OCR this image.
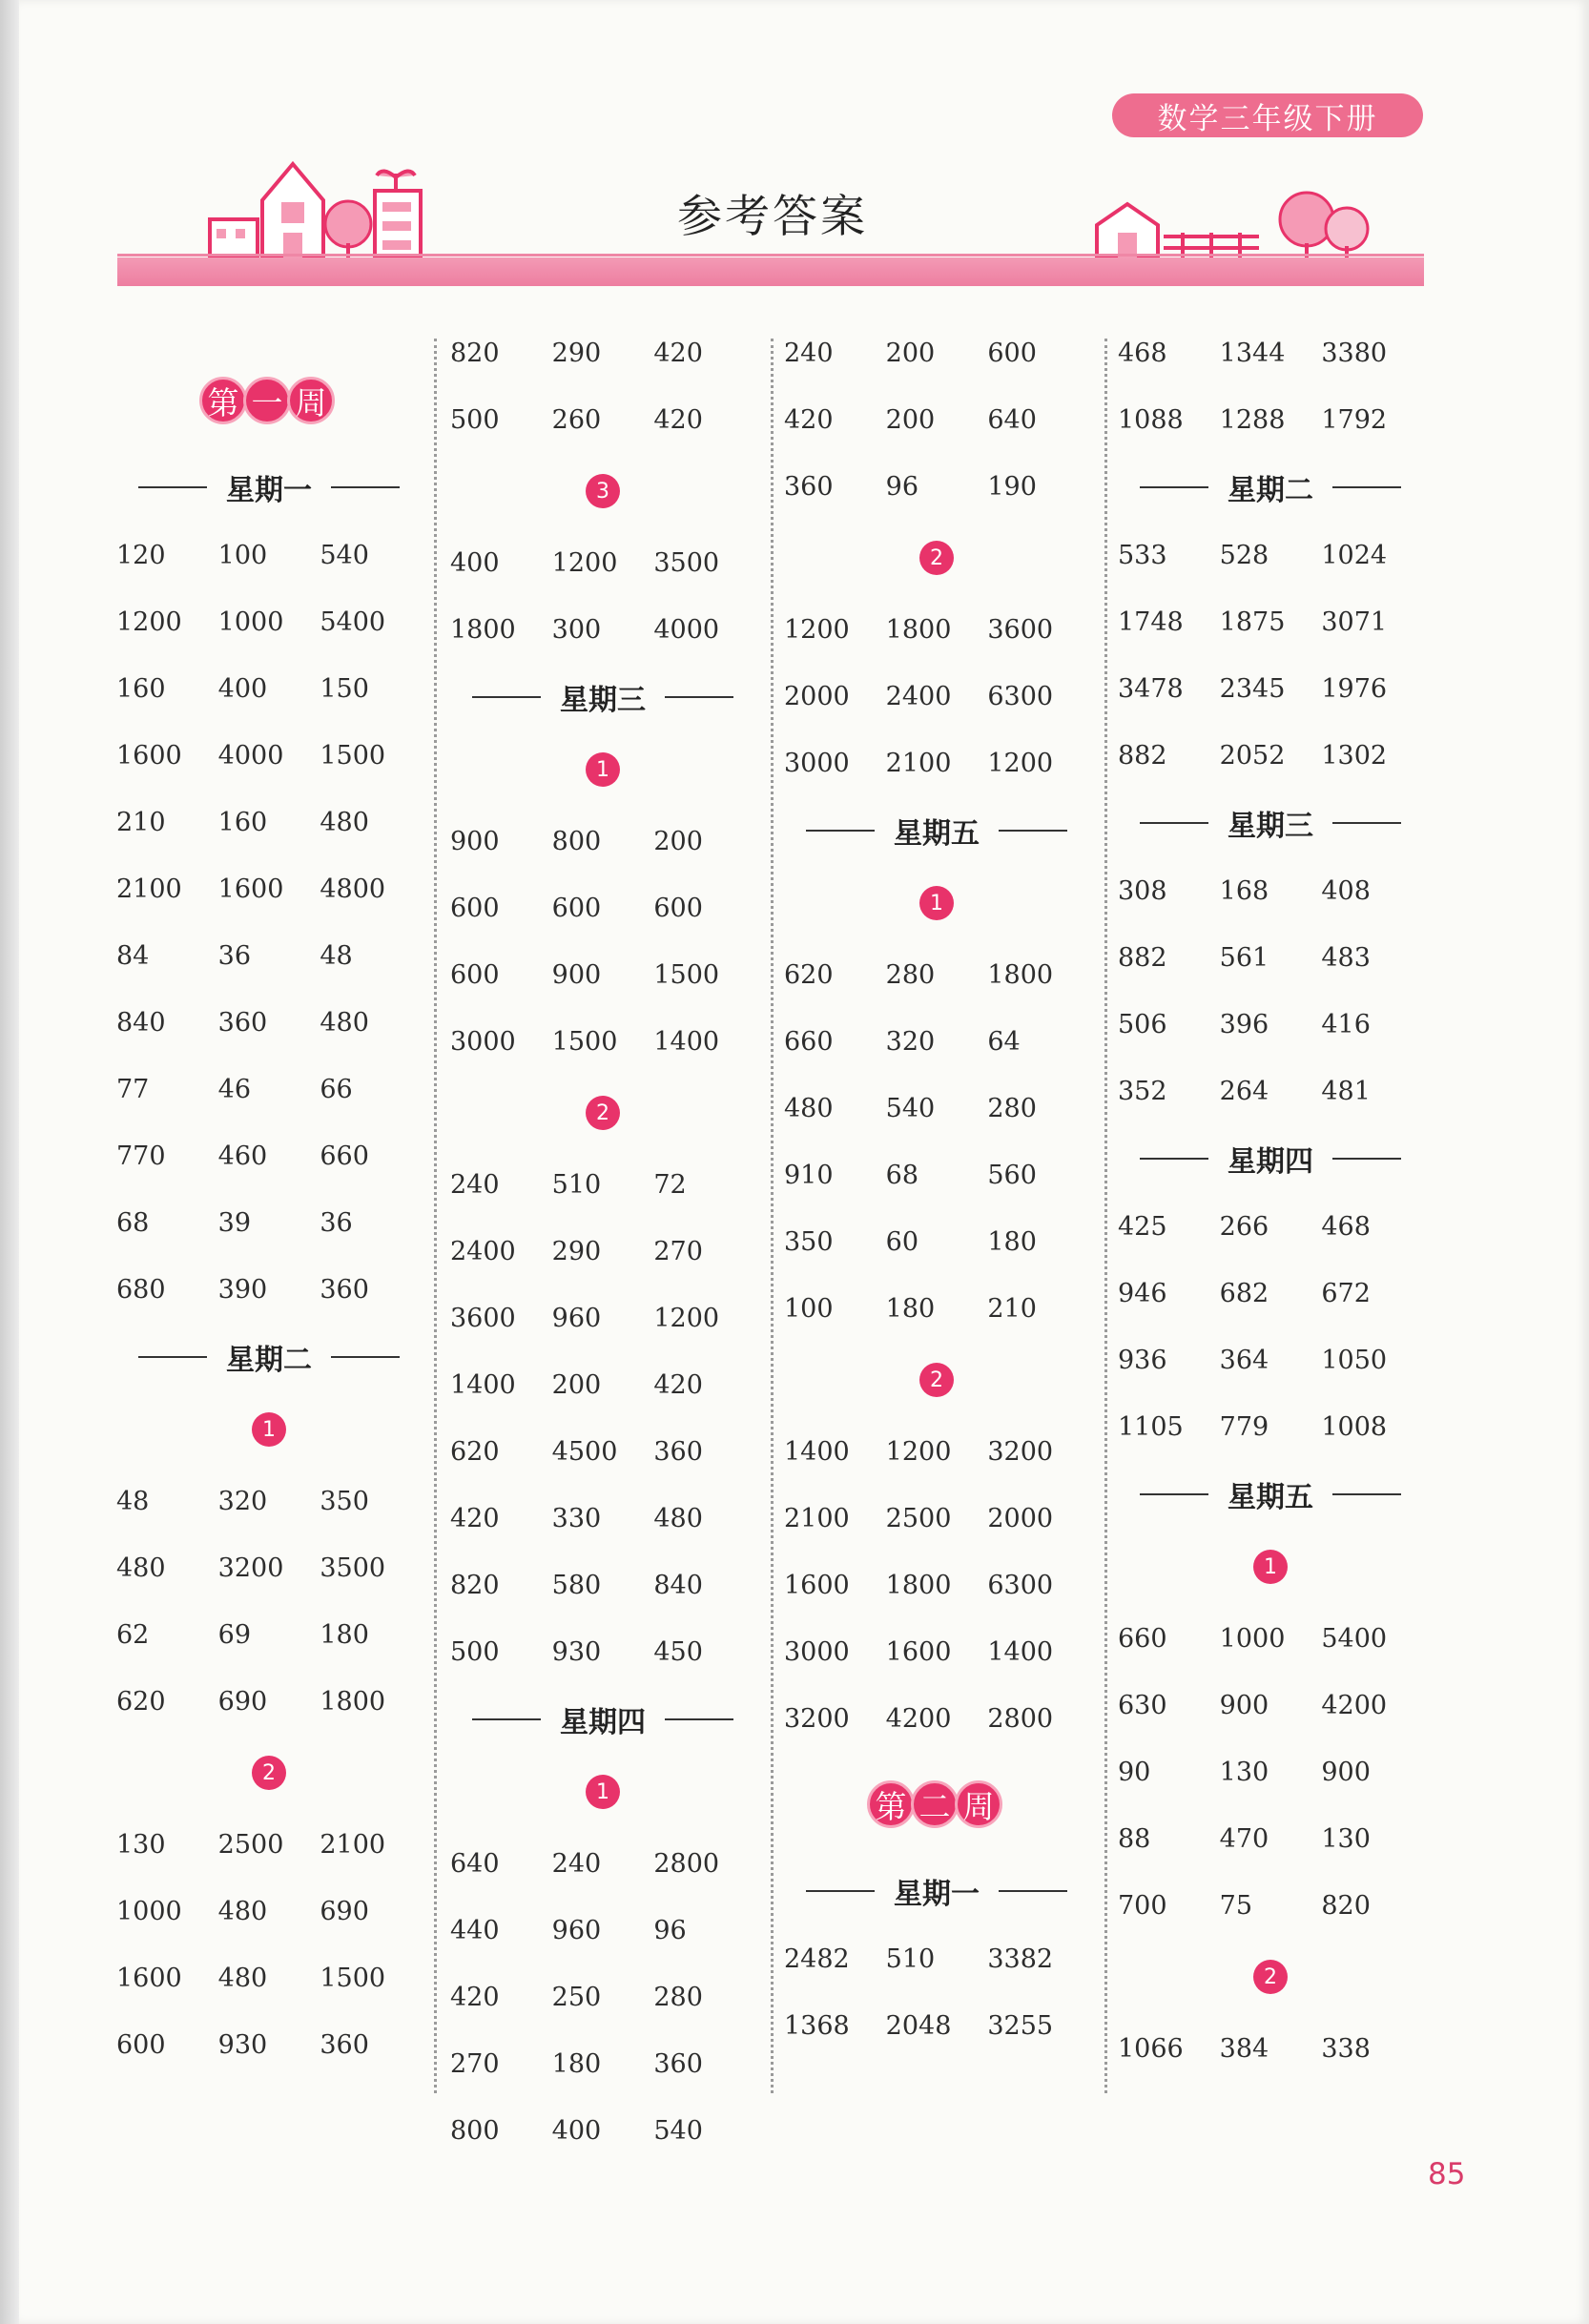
数学三年级下册
参考答案
第 一 周
星期一
120	100	540
1200	1000	5400
160	400	150
1600	4000	1500
210	160	480
2100	1600	4800
84	36	48
840	360	480
77	46	66
770	460	660
68	39	36
680	390	360
星期二
1
48	320	350
480	3200	3500
62	69	180
620	690	1800
2
130	2500	2100
1000	480	690
1600	480	1500
600	930	360
820	290	420
500	260	420
3
400	1200	3500
1800	300	4000
星期三
1
900	800	200
600	600	600
600	900	1500
3000	1500	1400
2
240	510	72
2400	290	270
3600	960	1200
1400	200	420
620	4500	360
420	330	480
820	580	840
500	930	450
星期四
1
640	240	2800
440	960	96
420	250	280
270	180	360
800	400	540
240	200	600
420	200	640
360	96	190
2
1200	1800	3600
2000	2400	6300
3000	2100	1200
星期五
1
620	280	1800
660	320	64
480	540	280
910	68	560
350	60	180
100	180	210
2
1400	1200	3200
2100	2500	2000
1600	1800	6300
3000	1600	1400
3200	4200	2800
第 二 周
星期一
2482	510	3382
1368	2048	3255
468	1344	3380
1088	1288	1792
星期二
533	528	1024
1748	1875	3071
3478	2345	1976
882	2052	1302
星期三
308	168	408
882	561	483
506	396	416
352	264	481
星期四
425	266	468
946	682	672
936	364	1050
1105	779	1008
星期五
1
660	1000	5400
630	900	4200
90	130	900
88	470	130
700	75	820
2
1066	384	338
85
